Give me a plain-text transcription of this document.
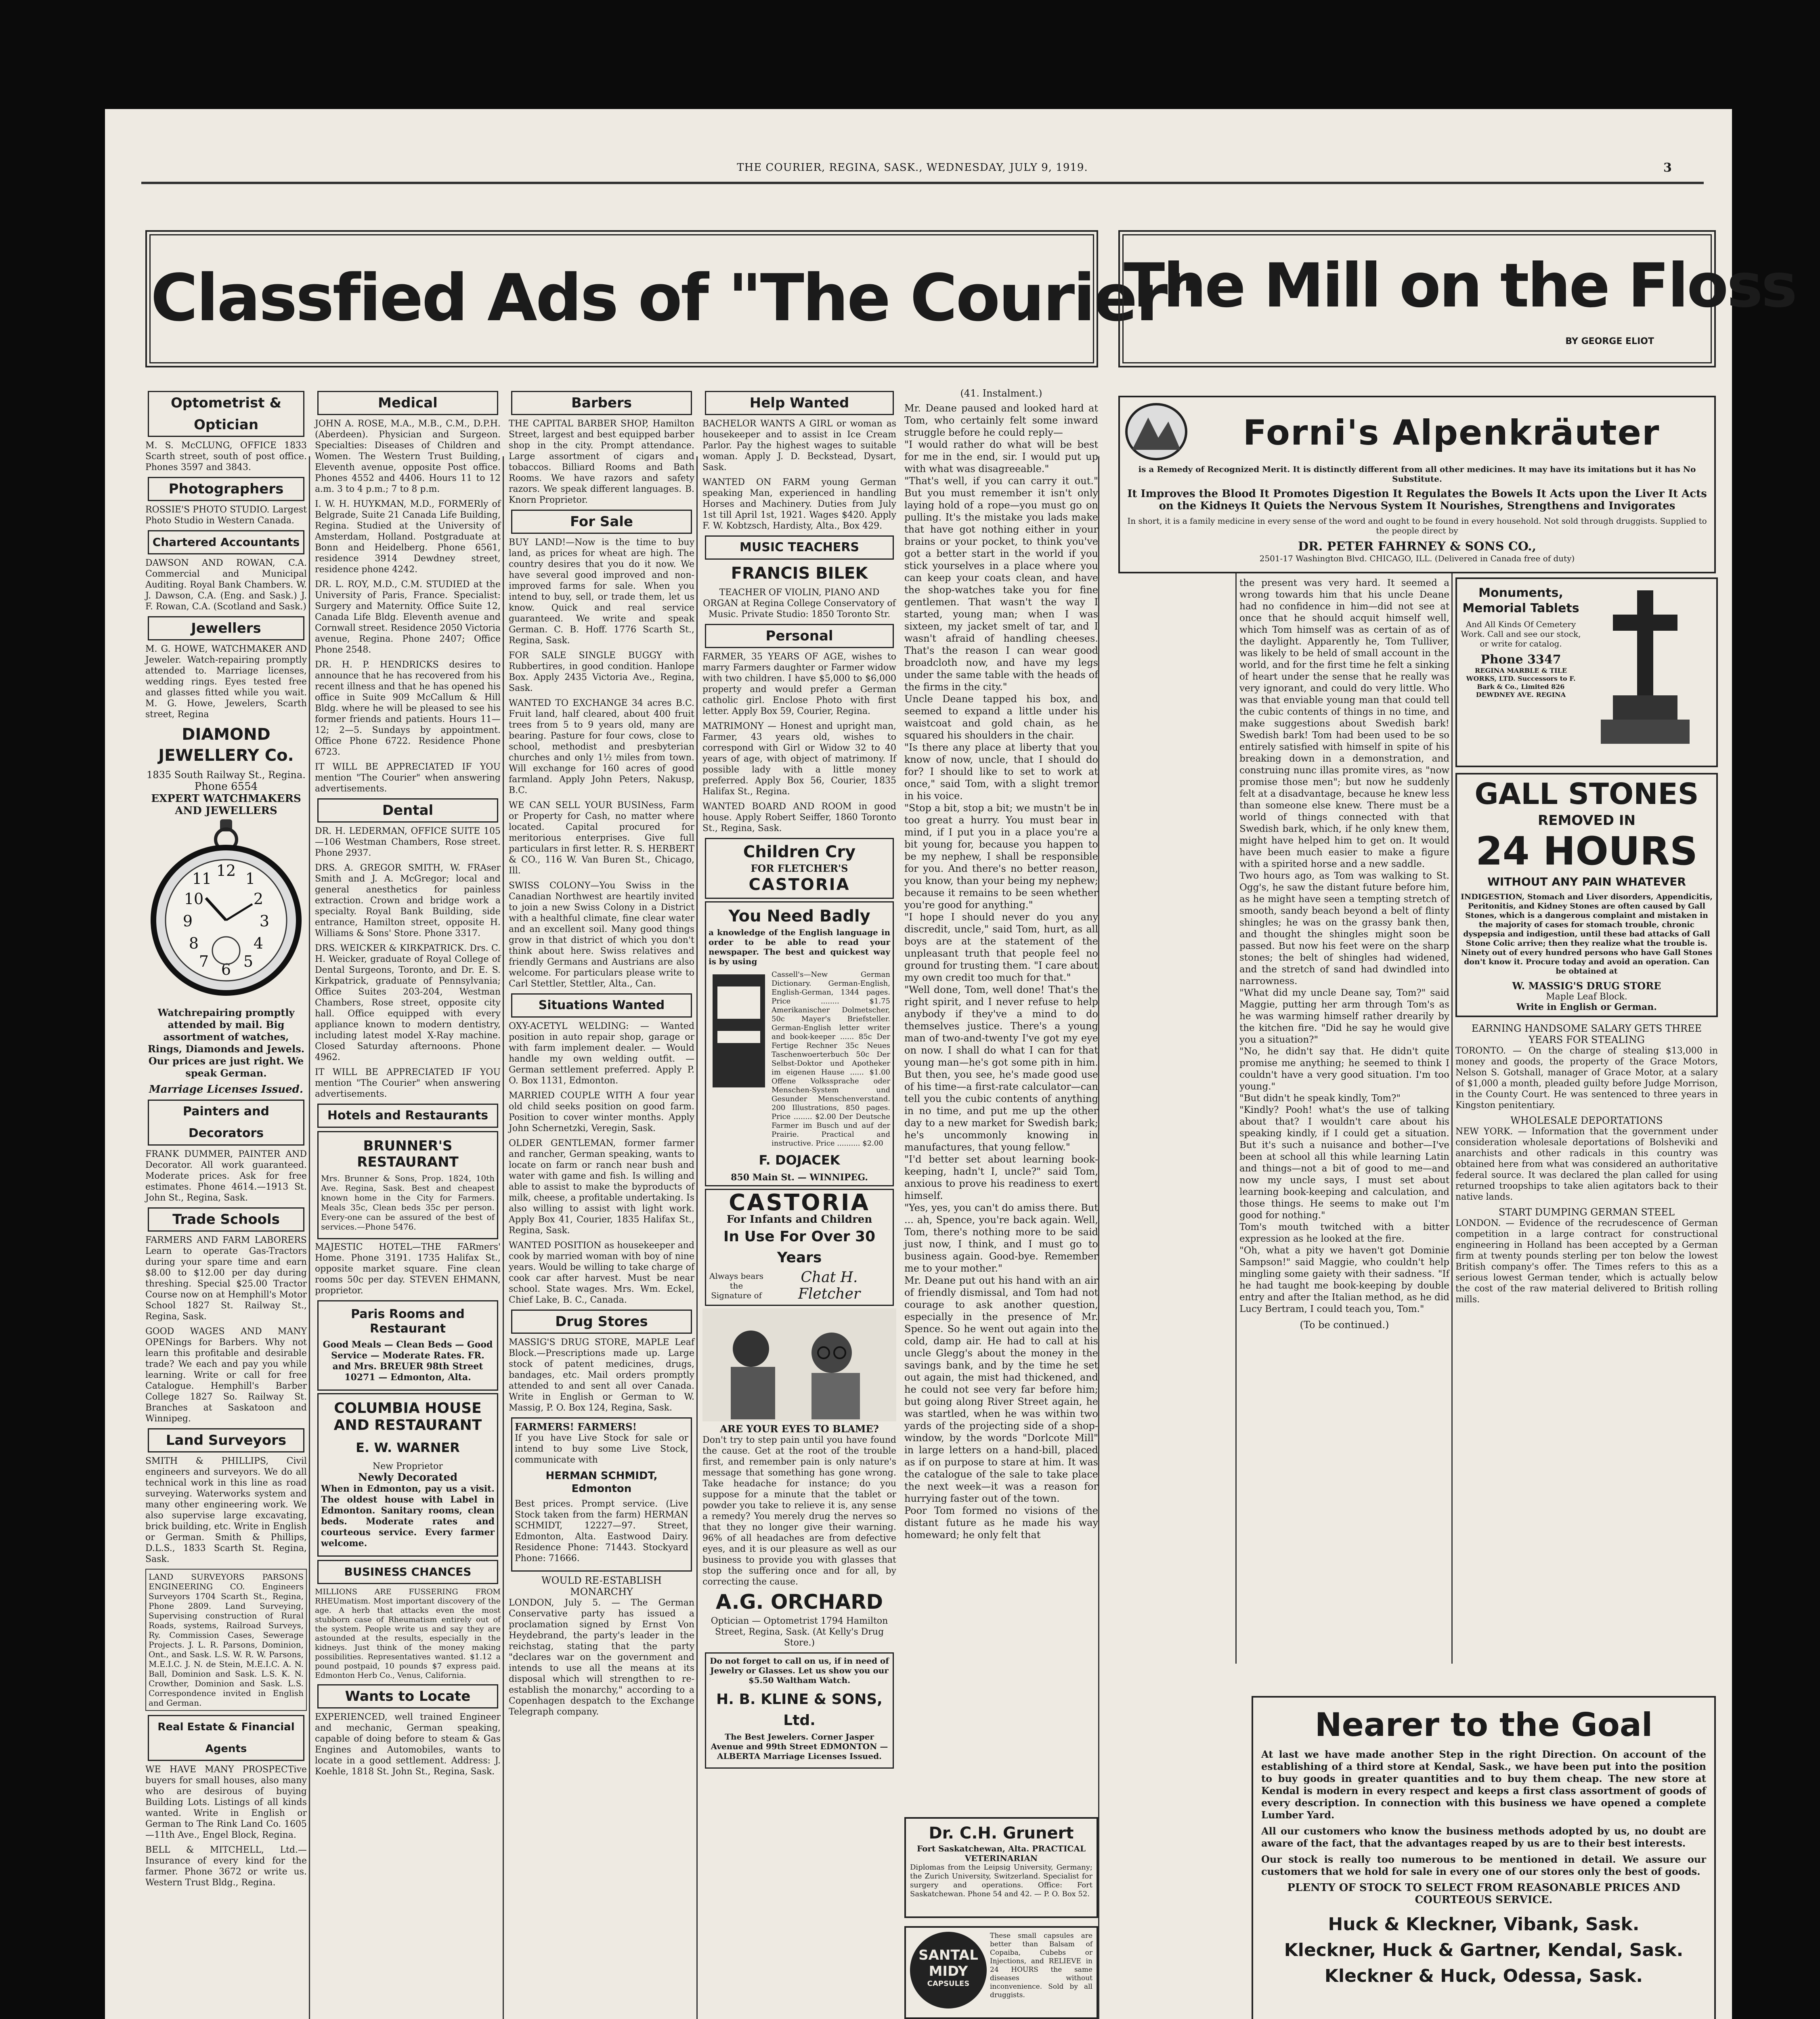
THE COURIER, REGINA, SASK., WEDNESDAY, JULY 9, 1919.	3
Classfied Ads of "The Courier"
The Mill on the Floss
BY GEORGE ELIOT
Optometrist & Optician

M. S. McCLUNG, OFFICE 1833 Scarth street, south of post office. Phones 3597 and 3843.

Photographers

ROSSIE'S PHOTO STUDIO. Largest Photo Studio in Western Canada.

Chartered Accountants

DAWSON AND ROWAN, C.A. Commercial and Municipal Auditing. Royal Bank Chambers. W. J. Dawson, C.A. (Eng. and Sask.) J. F. Rowan, C.A. (Scotland and Sask.)

Jewellers

M. G. HOWE, WATCHMAKER AND Jeweler. Watch-repairing promptly attended to. Marriage licenses, wedding rings. Eyes tested free and glasses fitted while you wait. M. G. Howe, Jewelers, Scarth street, Regina

DIAMOND JEWELLERY Co.
1835 South Railway St., Regina.
Phone 6554
EXPERT WATCHMAKERS AND JEWELLERS
12
3
6
9
1
2
4
5
7
8
10
11

Watchrepairing promptly attended by mail. Big assortment of watches, Rings, Diamonds and Jewels. Our prices are just right. We speak German.

Marriage Licenses Issued.
Painters and Decorators

FRANK DUMMER, PAINTER AND Decorator. All work guaranteed. Moderate prices. Ask for free estimates. Phone 4614.—1913 St. John St., Regina, Sask.

Trade Schools

FARMERS AND FARM LABORERS Learn to operate Gas-Tractors during your spare time and earn $8.00 to $12.00 per day during threshing. Special $25.00 Tractor Course now on at Hemphill's Motor School 1827 St. Railway St., Regina, Sask.

GOOD WAGES AND MANY OPENings for Barbers. Why not learn this profitable and desirable trade? We each and pay you while learning. Write or call for free Catalogue. Hemphill's Barber College 1827 So. Railway St. Branches at Saskatoon and Winnipeg.

Land Surveyors

SMITH & PHILLIPS, Civil engineers and surveyors. We do all technical work in this line as road surveying. Waterworks system and many other engineering work. We also supervise large excavating, brick building, etc. Write in English or German. Smith & Phillips, D.L.S., 1833 Scarth St. Regina, Sask.

LAND SURVEYORS PARSONS ENGINEERING CO. Engineers Surveyors 1704 Scarth St., Regina, Phone 2809. Land Surveying, Supervising construction of Rural Roads, systems, Railroad Surveys, Ry. Commission Cases, Sewerage Projects. J. L. R. Parsons, Dominion, Ont., and Sask. L.S. W. R. W. Parsons, M.E.I.C. J. N. de Stein, M.E.I.C. A. N. Ball, Dominion and Sask. L.S. K. N. Crowther, Dominion and Sask. L.S. Correspondence invited in English and German.

Real Estate & Financial Agents

WE HAVE MANY PROSPECTive buyers for small houses, also many who are desirous of buying Building Lots. Listings of all kinds wanted. Write in English or German to The Rink Land Co. 1605—11th Ave., Engel Block, Regina.

BELL & MITCHELL, Ltd.— Insurance of every kind for the farmer. Phone 3672 or write us. Western Trust Bldg., Regina.

Medical

JOHN A. ROSE, M.A., M.B., C.M., D.P.H. (Aberdeen). Physician and Surgeon. Specialties: Diseases of Children and Women. The Western Trust Building, Eleventh avenue, opposite Post office. Phones 4552 and 4406. Hours 11 to 12 a.m. 3 to 4 p.m.; 7 to 8 p.m.

I. W. H. HUYKMAN, M.D., FORMERly of Belgrade, Suite 21 Canada Life Building, Regina. Studied at the University of Amsterdam, Holland. Postgraduate at Bonn and Heidelberg. Phone 6561, residence 3914 Dewdney street, residence phone 4242.

DR. L. ROY, M.D., C.M. STUDIED at the University of Paris, France. Specialist: Surgery and Maternity. Office Suite 12, Canada Life Bldg. Eleventh avenue and Cornwall street. Residence 2050 Victoria avenue, Regina. Phone 2407; Office Phone 2548.

DR. H. P. HENDRICKS desires to announce that he has recovered from his recent illness and that he has opened his office in Suite 909 McCallum & Hill Bldg. where he will be pleased to see his former friends and patients. Hours 11—12; 2—5. Sundays by appointment. Office Phone 6722. Residence Phone 6723.

IT WILL BE APPRECIATED IF YOU mention "The Courier" when answering advertisements.

Dental

DR. H. LEDERMAN, OFFICE SUITE 105—106 Westman Chambers, Rose street. Phone 2937.

DRS. A. GREGOR SMITH, W. FRAser Smith and J. A. McGregor; local and general anesthetics for painless extraction. Crown and bridge work a specialty. Royal Bank Building, side entrance, Hamilton street, opposite H. Williams & Sons' Store. Phone 3317.

DRS. WEICKER & KIRKPATRICK. Drs. C. H. Weicker, graduate of Royal College of Dental Surgeons, Toronto, and Dr. E. S. Kirkpatrick, graduate of Pennsylvania; Office Suites 203-204, Westman Chambers, Rose street, opposite city hall. Office equipped with every appliance known to modern dentistry, including latest model X-Ray machine. Closed Saturday afternoons. Phone 4962.

IT WILL BE APPRECIATED IF YOU mention "The Courier" when answering advertisements.

Hotels and Restaurants
BRUNNER'S RESTAURANT

Mrs. Brunner & Sons, Prop. 1824, 10th Ave. Regina, Sask. Best and cheapest known home in the City for Farmers. Meals 35c, Clean beds 35c per person. Every-one can be assured of the best of services.—Phone 5476.

MAJESTIC HOTEL—THE FARmers' Home. Phone 3191. 1735 Halifax St., opposite market square. Fine clean rooms 50c per day. STEVEN EHMANN, proprietor.

Paris Rooms and Restaurant

Good Meals — Clean Beds — Good Service — Moderate Rates. FR. and Mrs. BREUER 98th Street 10271 — Edmonton, Alta.

COLUMBIA HOUSE AND RESTAURANT
E. W. WARNER
New Proprietor
Newly Decorated

When in Edmonton, pay us a visit. The oldest house with Label in Edmonton. Sanitary rooms, clean beds. Moderate rates and courteous service. Every farmer welcome.

BUSINESS CHANCES

MILLIONS ARE FUSSERING FROM RHEUmatism. Most important discovery of the age. A herb that attacks even the most stubborn case of Rheumatism entirely out of the system. People write us and say they are astounded at the results, especially in the kidneys. Just think of the money making possibilities. Representatives wanted. $1.12 a pound postpaid, 10 pounds $7 express paid. Edmonton Herb Co., Venus, California.

Wants to Locate

EXPERIENCED, well trained Engineer and mechanic, German speaking, capable of doing before to steam & Gas Engines and Automobiles, wants to locate in a good settlement. Address: J. Koehle, 1818 St. John St., Regina, Sask.

Barbers

THE CAPITAL BARBER SHOP, Hamilton Street, largest and best equipped barber shop in the city. Prompt attendance. Large assortment of cigars and tobaccos. Billiard Rooms and Bath Rooms. We have razors and safety razors. We speak different languages. B. Knorn Proprietor.

For Sale

BUY LAND!—Now is the time to buy land, as prices for wheat are high. The country desires that you do it now. We have several good improved and non-improved farms for sale. When you intend to buy, sell, or trade them, let us know. Quick and real service guaranteed. We write and speak German. C. B. Hoff. 1776 Scarth St., Regina, Sask.

FOR SALE SINGLE BUGGY with Rubbertires, in good condition. Hanlope Box. Apply 2435 Victoria Ave., Regina, Sask.

WANTED TO EXCHANGE 34 acres B.C. Fruit land, half cleared, about 400 fruit trees from 5 to 9 years old, many are bearing. Pasture for four cows, close to school, methodist and presbyterian churches and only 1½ miles from town. Will exchange for 160 acres of good farmland. Apply John Peters, Nakusp, B.C.

WE CAN SELL YOUR BUSINess, Farm or Property for Cash, no matter where located. Capital procured for meritorious enterprises. Give full particulars in first letter. R. S. HERBERT & CO., 116 W. Van Buren St., Chicago, Ill.

SWISS COLONY—You Swiss in the Canadian Northwest are heartily invited to join a new Swiss Colony in a District with a healthful climate, fine clear water and an excellent soil. Many good things grow in that district of which you don't think about here. Swiss relatives and friendly Germans and Austrians are also welcome. For particulars please write to Carl Stettler, Stettler, Alta., Can.

Situations Wanted

OXY-ACETYL WELDING: — Wanted position in auto repair shop, garage or with farm implement dealer. — Would handle my own welding outfit. — German settlement preferred. Apply P. O. Box 1131, Edmonton.

MARRIED COUPLE WITH A four year old child seeks position on good farm. Position to cover winter months. Apply John Schernetzki, Veregin, Sask.

OLDER GENTLEMAN, former farmer and rancher, German speaking, wants to locate on farm or ranch near bush and water with game and fish. Is willing and able to assist to make the byproducts of milk, cheese, a profitable undertaking. Is also willing to assist with light work. Apply Box 41, Courier, 1835 Halifax St., Regina, Sask.

WANTED POSITION as housekeeper and cook by married woman with boy of nine years. Would be willing to take charge of cook car after harvest. Must be near school. State wages. Mrs. Wm. Eckel, Chief Lake, B. C., Canada.

Drug Stores

MASSIG'S DRUG STORE, MAPLE Leaf Block.—Prescriptions made up. Large stock of patent medicines, drugs, bandages, etc. Mail orders promptly attended to and sent all over Canada. Write in English or German to W. Massig, P. O. Box 124, Regina, Sask.

FARMERS! FARMERS!

If you have Live Stock for sale or intend to buy some Live Stock, communicate with

HERMAN SCHMIDT, Edmonton

Best prices. Prompt service. (Live Stock taken from the farm) HERMAN SCHMIDT, 12227—97. Street, Edmonton, Alta. Eastwood Dairy. Residence Phone: 71443. Stockyard Phone: 71666.

WOULD RE-ESTABLISH MONARCHY

LONDON, July 5. — The German Conservative party has issued a proclamation signed by Ernst Von Heydebrand, the party's leader in the reichstag, stating that the party "declares war on the government and intends to use all the means at its disposal which will strengthen to re-establish the monarchy," according to a Copenhagen despatch to the Exchange Telegraph company.

Help Wanted

BACHELOR WANTS A GIRL or woman as housekeeper and to assist in Ice Cream Parlor. Pay the highest wages to suitable woman. Apply J. D. Beckstead, Dysart, Sask.

WANTED ON FARM young German speaking Man, experienced in handling Horses and Machinery. Duties from July 1st till April 1st, 1921. Wages $420. Apply F. W. Kobtzsch, Hardisty, Alta., Box 429.

MUSIC TEACHERS
FRANCIS BILEK

TEACHER OF VIOLIN, PIANO AND ORGAN at Regina College Conservatory of Music. Private Studio: 1850 Toronto Str.

Personal

FARMER, 35 YEARS OF AGE, wishes to marry Farmers daughter or Farmer widow with two children. I have $5,000 to $6,000 property and would prefer a German catholic girl. Enclose Photo with first letter. Apply Box 59, Courier, Regina.

MATRIMONY — Honest and upright man, Farmer, 43 years old, wishes to correspond with Girl or Widow 32 to 40 years of age, with object of matrimony. If possible lady with a little money preferred. Apply Box 56, Courier, 1835 Halifax St., Regina.

WANTED BOARD AND ROOM in good house. Apply Robert Seiffer, 1860 Toronto St., Regina, Sask.

Children Cry
FOR FLETCHER'S
CASTORIA
You Need Badly

a knowledge of the English language in order to be able to read your newspaper. The best and quickest way is by using

Cassell's—New German Dictionary. German-English, English-German, 1344 pages. Price ........ $1.75 Amerikanischer Dolmetscher, 50c Mayer's Briefsteller. German-English letter writer and book-keeper ...... 85c Der Fertige Rechner 35c Neues Taschenwoerterbuch 50c Der Selbst-Doktor und Apotheker im eigenen Hause ...... $1.00 Offene Volkssprache oder Menschen-System und Gesunder Menschenverstand. 200 Illustrations, 850 pages. Price ........ $2.00 Der Deutsche Farmer im Busch und auf der Prairie. Practical and instructive. Price .......... $2.00

F. DOJACEK
850 Main St. — WINNIPEG.
CASTORIA
For Infants and Children
In Use For Over 30 Years
Always bears the Signature of
Chat H. Fletcher
ARE YOUR EYES TO BLAME?

Don't try to step pain until you have found the cause. Get at the root of the trouble first, and remember pain is only nature's message that something has gone wrong. Take headache for instance; do you suppose for a minute that the tablet or powder you take to relieve it is, any sense a remedy? You merely drug the nerves so that they no longer give their warning. 96% of all headaches are from defective eyes, and it is our pleasure as well as our business to provide you with glasses that stop the suffering once and for all, by correcting the cause.

A.G. ORCHARD

Optician — Optometrist 1794 Hamilton Street, Regina, Sask. (At Kelly's Drug Store.)

Do not forget to call on us, if in need of Jewelry or Glasses. Let us show you our $5.50 Waltham Watch.

H. B. KLINE & SONS, Ltd.

The Best Jewelers. Corner Jasper Avenue and 99th Street EDMONTON — ALBERTA Marriage Licenses Issued.

(41. Instalment.)

Mr. Deane paused and looked hard at Tom, who certainly felt some inward struggle before he could reply—
"I would rather do what will be best for me in the end, sir. I would put up with what was disagreeable."
"That's well, if you can carry it out." But you must remember it isn't only laying hold of a rope—you must go on pulling. It's the mistake you lads make that have got nothing either in your brains or your pocket, to think you've got a better start in the world if you stick yourselves in a place where you can keep your coats clean, and have the shop-watches take you for fine gentlemen. That wasn't the way I started, young man; when I was sixteen, my jacket smelt of tar, and I wasn't afraid of handling cheeses. That's the reason I can wear good broadcloth now, and have my legs under the same table with the heads of the firms in the city."
Uncle Deane tapped his box, and seemed to expand a little under his waistcoat and gold chain, as he squared his shoulders in the chair.
"Is there any place at liberty that you know of now, uncle, that I should do for? I should like to set to work at once," said Tom, with a slight tremor in his voice.
"Stop a bit, stop a bit; we mustn't be in too great a hurry. You must bear in mind, if I put you in a place you're a bit young for, because you happen to be my nephew, I shall be responsible for you. And there's no better reason, you know, than your being my nephew; because it remains to be seen whether you're good for anything."
"I hope I should never do you any discredit, uncle," said Tom, hurt, as all boys are at the statement of the unpleasant truth that people feel no ground for trusting them. "I care about my own credit too much for that."
"Well done, Tom, well done! That's the right spirit, and I never refuse to help anybody if they've a mind to do themselves justice. There's a young man of two-and-twenty I've got my eye on now. I shall do what I can for that young man—he's got some pith in him. But then, you see, he's made good use of his time—a first-rate calculator—can tell you the cubic contents of anything in no time, and put me up the other day to a new market for Swedish bark; he's uncommonly knowing in manufactures, that young fellow."
"I'd better set about learning book-keeping, hadn't I, uncle?" said Tom, anxious to prove his readiness to exert himself.
"Yes, yes, you can't do amiss there. But ... ah, Spence, you're back again. Well, Tom, there's nothing more to be said just now, I think, and I must go to business again. Good-bye. Remember me to your mother."
Mr. Deane put out his hand with an air of friendly dismissal, and Tom had not courage to ask another question, especially in the presence of Mr. Spence. So he went out again into the cold, damp air. He had to call at his uncle Glegg's about the money in the savings bank, and by the time he set out again, the mist had thickened, and he could not see very far before him; but going along River Street again, he was startled, when he was within two yards of the projecting side of a shop-window, by the words "Dorlcote Mill" in large letters on a hand-bill, placed as if on purpose to stare at him. It was the catalogue of the sale to take place the next week—it was a reason for hurrying faster out of the town.
Poor Tom formed no visions of the distant future as he made his way homeward; he only felt that

Forni's Alpenkräuter

is a Remedy of Recognized Merit. It is distinctly different from all other medicines. It may have its imitations but it has No Substitute.

It Improves the Blood It Promotes Digestion It Regulates the Bowels It Acts upon the Liver It Acts on the Kidneys It Quiets the Nervous System It Nourishes, Strengthens and Invigorates

In short, it is a family medicine in every sense of the word and ought to be found in every household. Not sold through druggists. Supplied to the people direct by

DR. PETER FAHRNEY & SONS CO.,
2501-17 Washington Blvd. CHICAGO, ILL. (Delivered in Canada free of duty)

the present was very hard. It seemed a wrong towards him that his uncle Deane had no confidence in him—did not see at once that he should acquit himself well, which Tom himself was as certain of as of the daylight. Apparently he, Tom Tulliver, was likely to be held of small account in the world, and for the first time he felt a sinking of heart under the sense that he really was very ignorant, and could do very little. Who was that enviable young man that could tell the cubic contents of things in no time, and make suggestions about Swedish bark! Swedish bark! Tom had been used to be so entirely satisfied with himself in spite of his breaking down in a demonstration, and construing nunc illas promite vires, as "now promise those men"; but now he suddenly felt at a disadvantage, because he knew less than someone else knew. There must be a world of things connected with that Swedish bark, which, if he only knew them, might have helped him to get on. It would have been much easier to make a figure with a spirited horse and a new saddle.
Two hours ago, as Tom was walking to St. Ogg's, he saw the distant future before him, as he might have seen a tempting stretch of smooth, sandy beach beyond a belt of flinty shingles; he was on the grassy bank then, and thought the shingles might soon be passed. But now his feet were on the sharp stones; the belt of shingles had widened, and the stretch of sand had dwindled into narrowness.
"What did my uncle Deane say, Tom?" said Maggie, putting her arm through Tom's as he was warming himself rather drearily by the kitchen fire. "Did he say he would give you a situation?"
"No, he didn't say that. He didn't quite promise me anything; he seemed to think I couldn't have a very good situation. I'm too young."
"But didn't he speak kindly, Tom?"
"Kindly? Pooh! what's the use of talking about that? I wouldn't care about his speaking kindly, if I could get a situation. But it's such a nuisance and bother—I've been at school all this while learning Latin and things—not a bit of good to me—and now my uncle says, I must set about learning book-keeping and calculation, and those things. He seems to make out I'm good for nothing."
Tom's mouth twitched with a bitter expression as he looked at the fire.
"Oh, what a pity we haven't got Dominie Sampson!" said Maggie, who couldn't help mingling some gaiety with their sadness. "If he had taught me book-keeping by double entry and after the Italian method, as he did Lucy Bertram, I could teach you, Tom."

(To be continued.)
Monuments, Memorial Tablets

And All Kinds Of Cemetery Work. Call and see our stock, or write for catalog.

Phone 3347

REGINA MARBLE & TILE WORKS, LTD. Successors to F. Bark & Co., Limited 826 DEWDNEY AVE. REGINA

GALL STONES
REMOVED IN
24 HOURS
WITHOUT ANY PAIN WHATEVER

INDIGESTION, Stomach and Liver disorders, Appendicitis, Peritonitis, and Kidney Stones are often caused by Gall Stones, which is a dangerous complaint and mistaken in the majority of cases for stomach trouble, chronic dyspepsia and indigestion, until these bad attacks of Gall Stone Colic arrive; then they realize what the trouble is. Ninety out of every hundred persons who have Gall Stones don't know it. Procure today and avoid an operation. Can be obtained at

W. MASSIG'S DRUG STORE
Maple Leaf Block.
Write in English or German.
EARNING HANDSOME SALARY GETS THREE YEARS FOR STEALING

TORONTO. — On the charge of stealing $13,000 in money and goods, the property of the Grace Motors, Nelson S. Gotshall, manager of Grace Motor, at a salary of $1,000 a month, pleaded guilty before Judge Morrison, in the County Court. He was sentenced to three years in Kingston penitentiary.

WHOLESALE DEPORTATIONS

NEW YORK. — Information that the government under consideration wholesale deportations of Bolsheviki and anarchists and other radicals in this country was obtained here from what was considered an authoritative federal source. It was declared the plan called for using returned troopships to take alien agitators back to their native lands.

START DUMPING GERMAN STEEL

LONDON. — Evidence of the recrudescence of German competition in a large contract for constructional engineering in Holland has been accepted by a German firm at twenty pounds sterling per ton below the lowest British company's offer. The Times refers to this as a serious lowest German tender, which is actually below the cost of the raw material delivered to British rolling mills.

Dr. C.H. Grunert
Fort Saskatchewan, Alta. PRACTICAL VETERINARIAN

Diplomas from the Leipsig University, Germany; the Zurich University, Switzerland. Specialist for surgery and operations. Office: Fort Saskatchewan. Phone 54 and 42. — P. O. Box 52.

SANTAL MIDY
CAPSULES

These small capsules are better than Balsam of Copaiba, Cubebs or Injections, and RELIEVE in 24 HOURS the same diseases without inconvenience. Sold by all druggists.

Nearer to the Goal

At last we have made another Step in the right Direction. On account of the establishing of a third store at Kendal, Sask., we have been put into the position to buy goods in greater quantities and to buy them cheap. The new store at Kendal is modern in every respect and keeps a first class assortment of goods of every description. In connection with this business we have opened a complete Lumber Yard.

All our customers who know the business methods adopted by us, no doubt are aware of the fact, that the advantages reaped by us are to their best interests.

Our stock is really too numerous to be mentioned in detail. We assure our customers that we hold for sale in every one of our stores only the best of goods.

PLENTY OF STOCK TO SELECT FROM REASONABLE PRICES AND COURTEOUS SERVICE.
Huck & Kleckner, Vibank, Sask.
Kleckner, Huck & Gartner, Kendal, Sask.
Kleckner & Huck, Odessa, Sask.
